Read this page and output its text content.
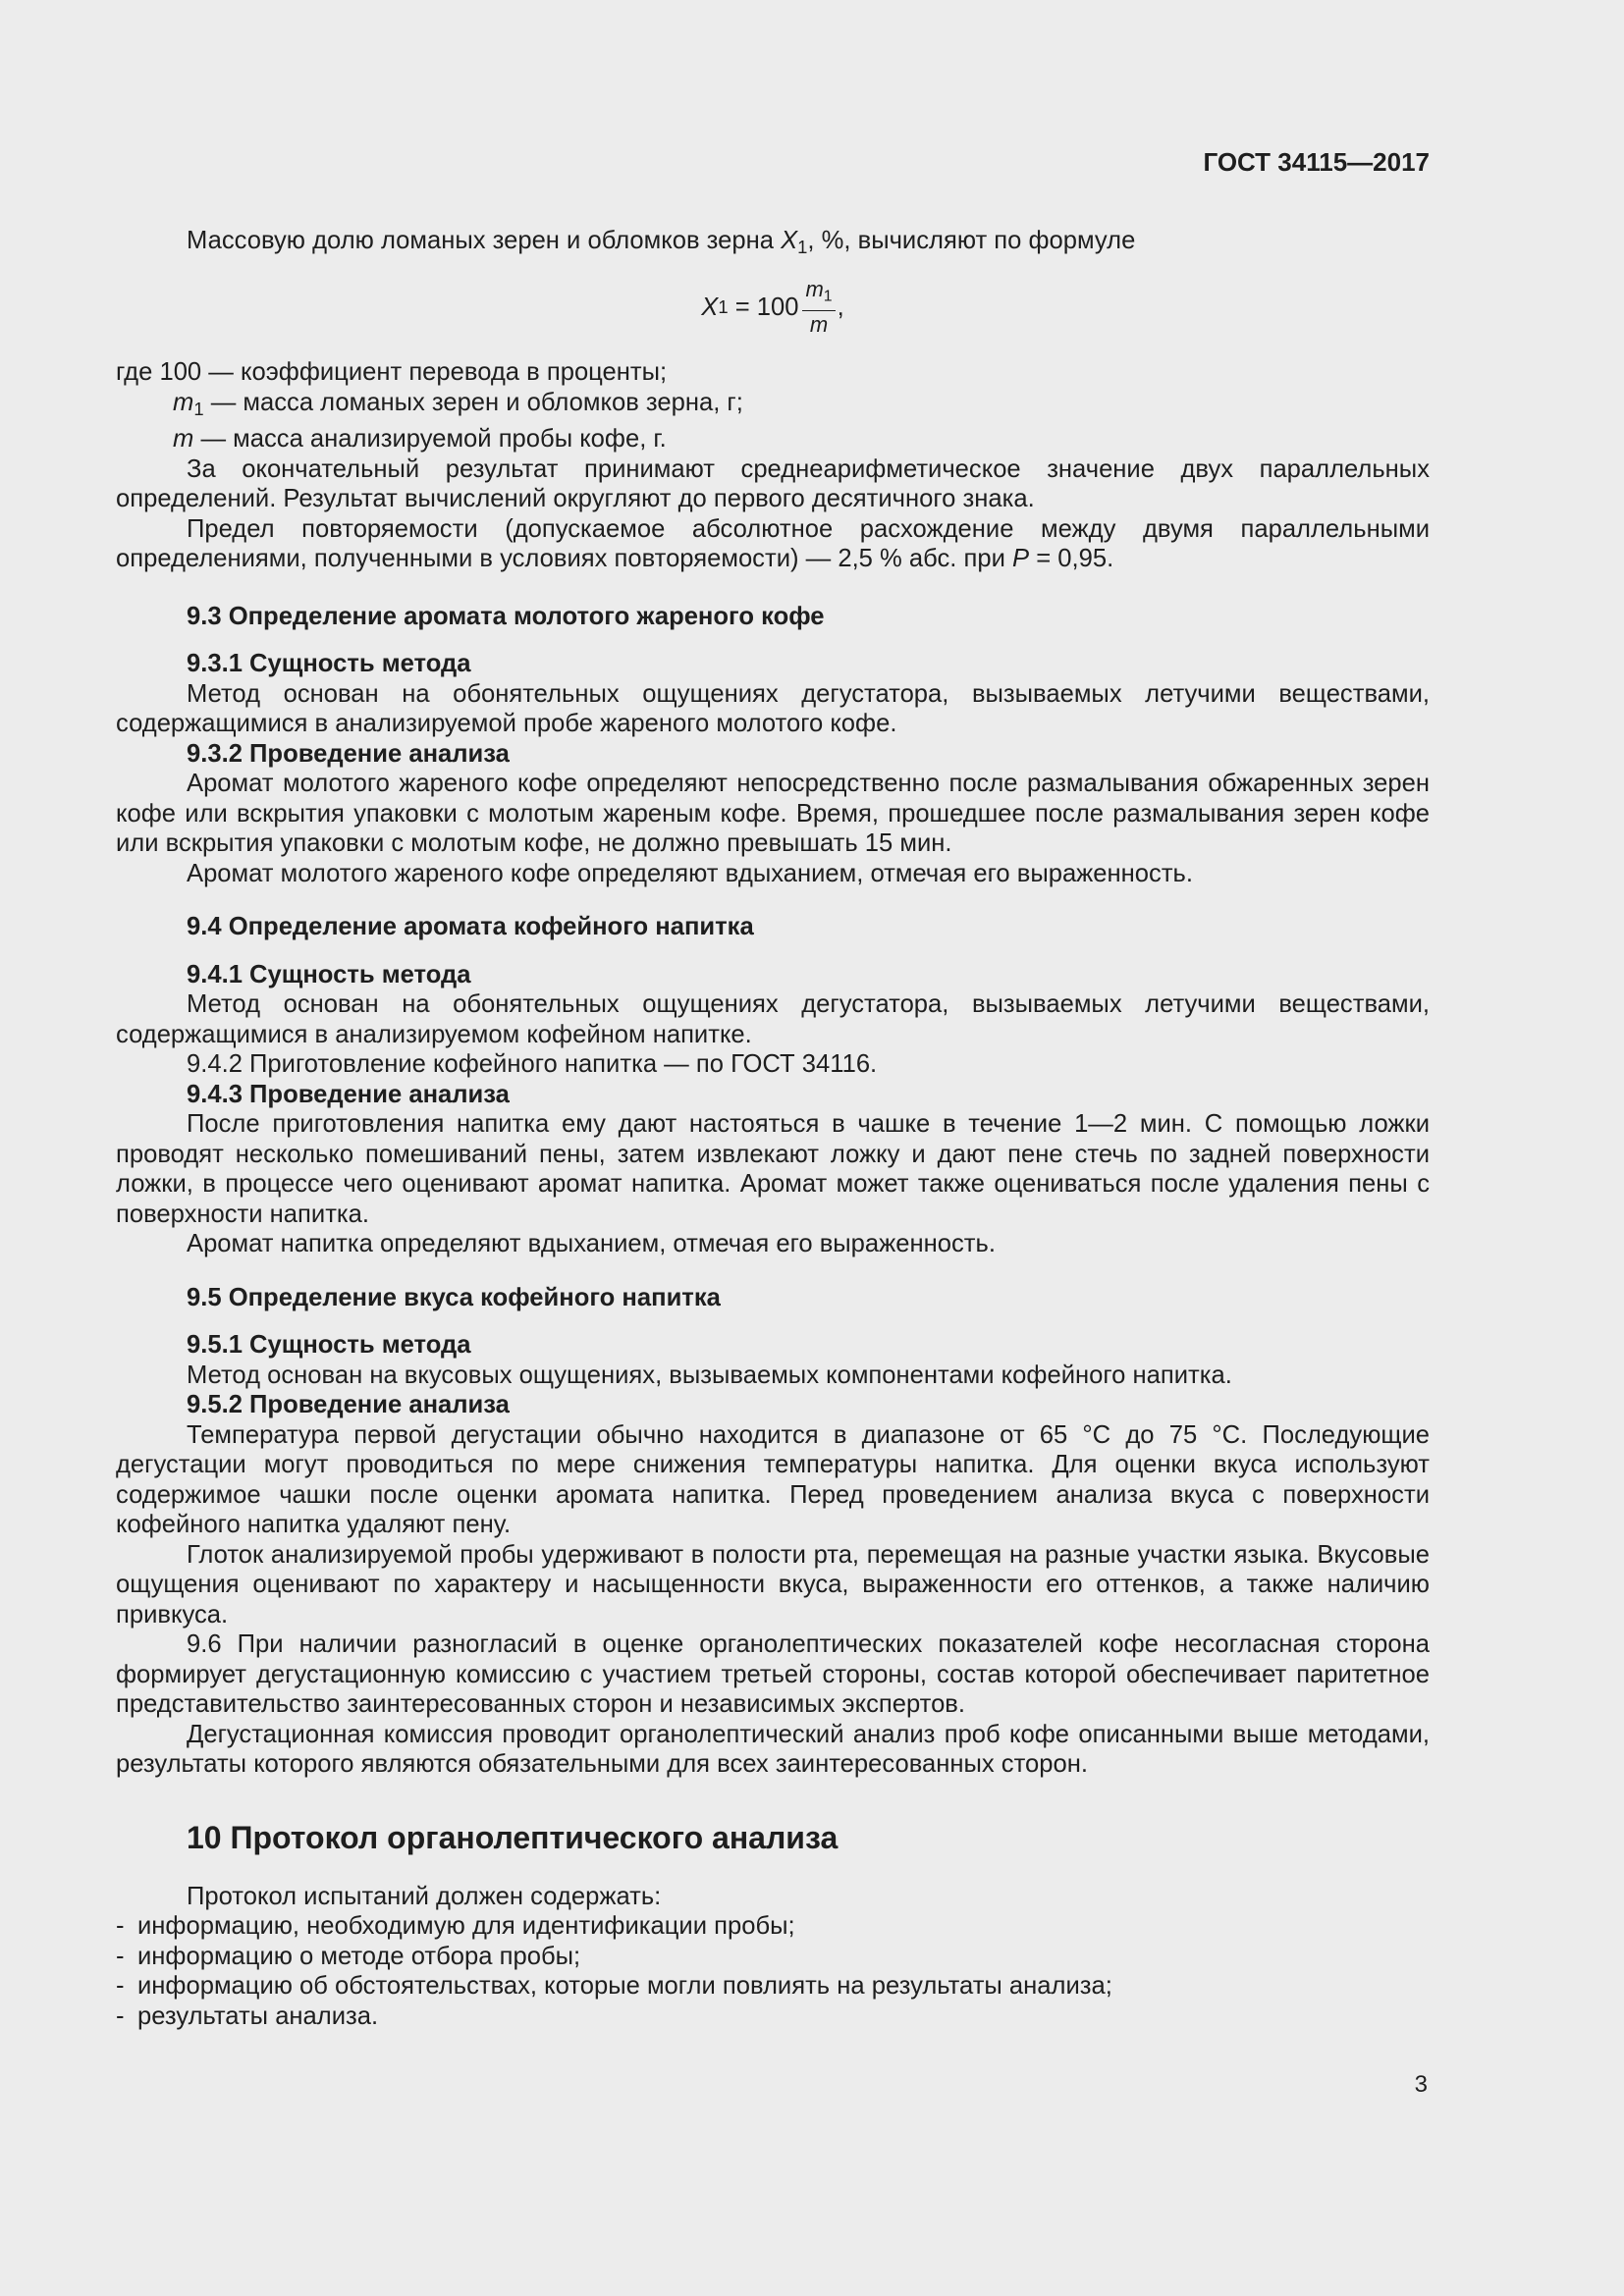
ГОСТ 34115—2017

Массовую долю ломаных зерен и обломков зерна $X_1$, %, вычисляют по формуле

X $1 = 100 \frac{m_1}{m}$ ,

где 100 — коэффициент перевода в проценты;

$m_1$ — масса ломаных зерен и обломков зерна, г;

m — масса анализируемой пробы кофе, г.

За окончательный результат принимают среднеарифметическое значение двух параллельных определений. Результат вычислений округляют до первого десятичного знака.

Предел повторяемости (допускаемое абсолютное расхождение между двумя параллельными определениями, полученными в условиях повторяемости) — 2,5 % абс. при P = 0,95.

9.3 Определение аромата молотого жареного кофе
9.3.1 Сущность метода

Метод основан на обонятельных ощущениях дегустатора, вызываемых летучими веществами, содержащимися в анализируемой пробе жареного молотого кофе.

9.3.2 Проведение анализа

Аромат молотого жареного кофе определяют непосредственно после размалывания обжаренных зерен кофе или вскрытия упаковки с молотым жареным кофе. Время, прошедшее после размалывания зерен кофе или вскрытия упаковки с молотым кофе, не должно превышать 15 мин.

Аромат молотого жареного кофе определяют вдыханием, отмечая его выраженность.

9.4 Определение аромата кофейного напитка
9.4.1 Сущность метода

Метод основан на обонятельных ощущениях дегустатора, вызываемых летучими веществами, содержащимися в анализируемом кофейном напитке.

9.4.2 Приготовление кофейного напитка — по ГОСТ 34116.

9.4.3 Проведение анализа

После приготовления напитка ему дают настояться в чашке в течение 1—2 мин. С помощью ложки проводят несколько помешиваний пены, затем извлекают ложку и дают пене стечь по задней поверхности ложки, в процессе чего оценивают аромат напитка. Аромат может также оцениваться после удаления пены с поверхности напитка.

Аромат напитка определяют вдыханием, отмечая его выраженность.

9.5 Определение вкуса кофейного напитка
9.5.1 Сущность метода

Метод основан на вкусовых ощущениях, вызываемых компонентами кофейного напитка.

9.5.2 Проведение анализа

Температура первой дегустации обычно находится в диапазоне от 65 °С до 75 °С. Последующие дегустации могут проводиться по мере снижения температуры напитка. Для оценки вкуса используют содержимое чашки после оценки аромата напитка. Перед проведением анализа вкуса с поверхности кофейного напитка удаляют пену.

Глоток анализируемой пробы удерживают в полости рта, перемещая на разные участки языка. Вкусовые ощущения оценивают по характеру и насыщенности вкуса, выраженности его оттенков, а также наличию привкуса.

9.6 При наличии разногласий в оценке органолептических показателей кофе несогласная сторона формирует дегустационную комиссию с участием третьей стороны, состав которой обеспечивает паритетное представительство заинтересованных сторон и независимых экспертов.

Дегустационная комиссия проводит органолептический анализ проб кофе описанными выше методами, результаты которого являются обязательными для всех заинтересованных сторон.

10 Протокол органолептического анализа

Протокол испытаний должен содержать:

- информацию, необходимую для идентификации пробы;
- информацию о методе отбора пробы;
- информацию об обстоятельствах, которые могли повлиять на результаты анализа;
- результаты анализа.
3
